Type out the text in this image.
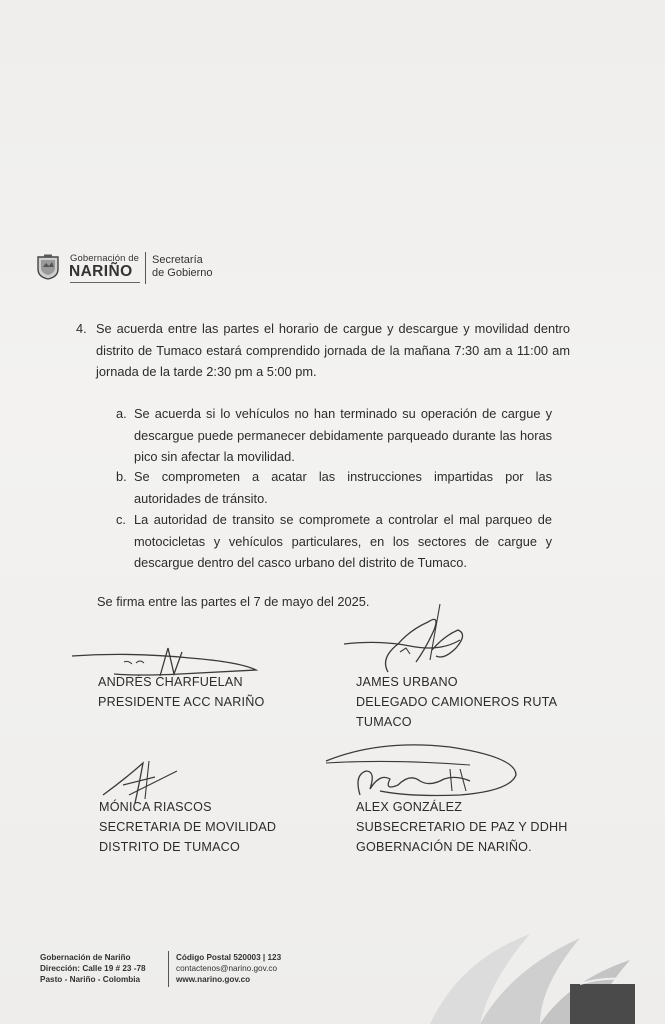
Gobernación de
NARIÑO
Secretaría
de Gobierno
4. Se acuerda entre las partes el horario de cargue y descargue y movilidad dentro distrito de Tumaco estará comprendido jornada de la mañana 7:30 am a 11:00 am jornada de la tarde 2:30 pm a 5:00 pm.
a. Se acuerda si lo vehículos no han terminado su operación de cargue y descargue puede permanecer debidamente parqueado durante las horas pico sin afectar la movilidad.
b. Se comprometen a acatar las instrucciones impartidas por las autoridades de tránsito.
c. La autoridad de transito se compromete a controlar el mal parqueo de motocicletas y vehículos particulares, en los sectores de cargue y descargue dentro del casco urbano del distrito de Tumaco.
Se firma entre las partes el 7 de mayo del 2025.
ANDRÉS CHARFUELAN
PRESIDENTE ACC NARIÑO
JAMES URBANO
DELEGADO CAMIONEROS RUTA
TUMACO
MÓNICA RIASCOS
SECRETARIA DE MOVILIDAD
DISTRITO DE TUMACO
ALEX GONZÁLEZ
SUBSECRETARIO DE PAZ Y DDHH
GOBERNACIÓN DE NARIÑO.
Gobernación de Nariño
Dirección: Calle 19 # 23 -78
Pasto - Nariño - Colombia
Código Postal 520003 | 123
contactenos@narino.gov.co
www.narino.gov.co
